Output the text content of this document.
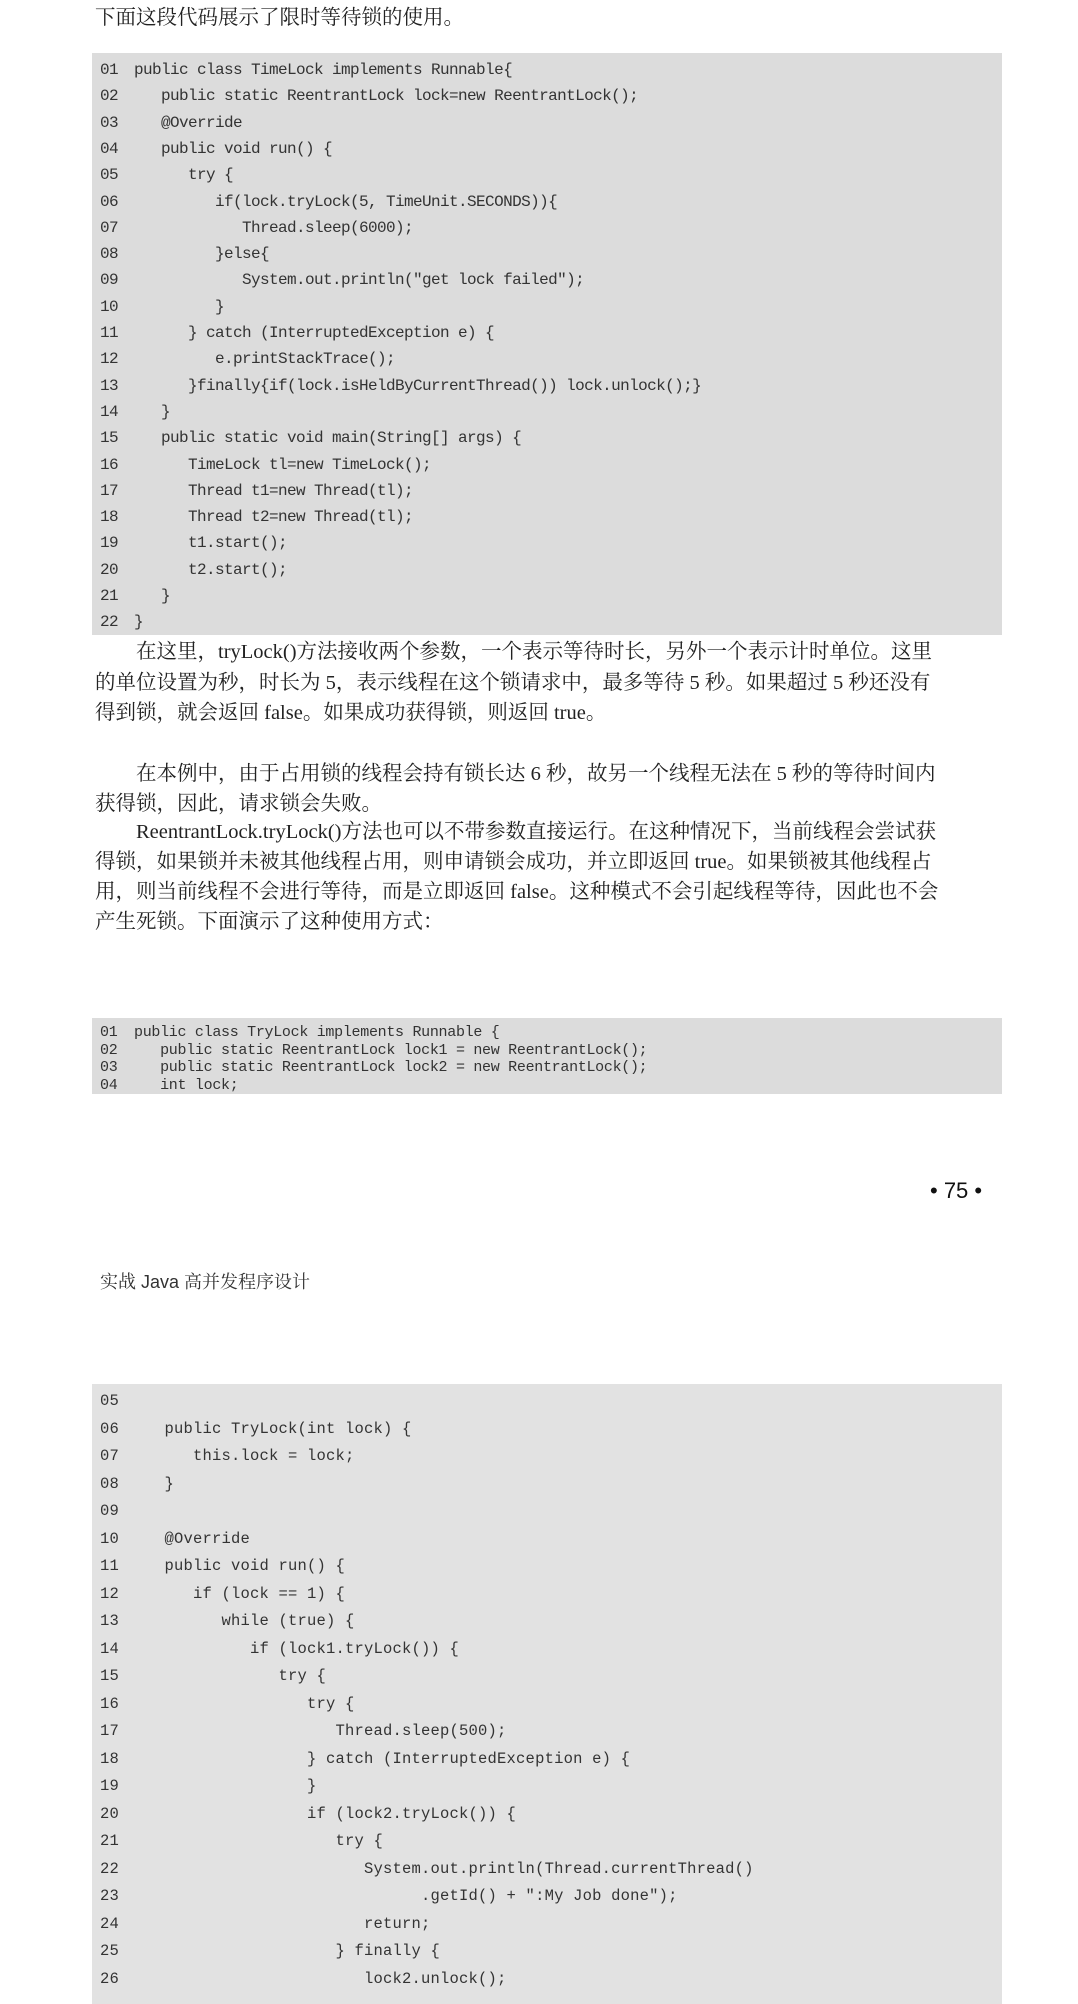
下面这段代码展示了限时等待锁的使用。
01 public class TimeLock implements Runnable{
02   public static ReentrantLock lock=new ReentrantLock();
03   @Override
04   public void run() {
05      try {
06         if(lock.tryLock(5, TimeUnit.SECONDS)){
07            Thread.sleep(6000);
08         }else{
09            System.out.println("get lock failed");
10         }
11      } catch (InterruptedException e) {
12         e.printStackTrace();
13      }finally{if(lock.isHeldByCurrentThread()) lock.unlock();}
14   }
15   public static void main(String[] args) {
16      TimeLock tl=new TimeLock();
17      Thread t1=new Thread(tl);
18      Thread t2=new Thread(tl);
19      t1.start();
20      t2.start();
21   }
22 }
　　在这里，tryLock()方法接收两个参数，一个表示等待时长，另外一个表示计时单位。这里
的单位设置为秒，时长为 5，表示线程在这个锁请求中，最多等待 5 秒。如果超过 5 秒还没有
得到锁，就会返回 false。如果成功获得锁，则返回 true。
　　在本例中，由于占用锁的线程会持有锁长达 6 秒，故另一个线程无法在 5 秒的等待时间内
获得锁，因此，请求锁会失败。
　　ReentrantLock.tryLock()方法也可以不带参数直接运行。在这种情况下，当前线程会尝试获
得锁，如果锁并未被其他线程占用，则申请锁会成功，并立即返回 true。如果锁被其他线程占
用，则当前线程不会进行等待，而是立即返回 false。这种模式不会引起线程等待，因此也不会
产生死锁。下面演示了这种使用方式：
01 public class TryLock implements Runnable {
02   public static ReentrantLock lock1 = new ReentrantLock();
03   public static ReentrantLock lock2 = new ReentrantLock();
04   int lock;
• 75 •
实战 Java 高并发程序设计
05
06   public TryLock(int lock) {
07      this.lock = lock;
08   }
09
10   @Override
11   public void run() {
12      if (lock == 1) {
13         while (true) {
14            if (lock1.tryLock()) {
15               try {
16                  try {
17                     Thread.sleep(500);
18                  } catch (InterruptedException e) {
19                  }
20                  if (lock2.tryLock()) {
21                     try {
22                        System.out.println(Thread.currentThread()
23                              .getId() + ":My Job done");
24                        return;
25                     } finally {
26                        lock2.unlock();
